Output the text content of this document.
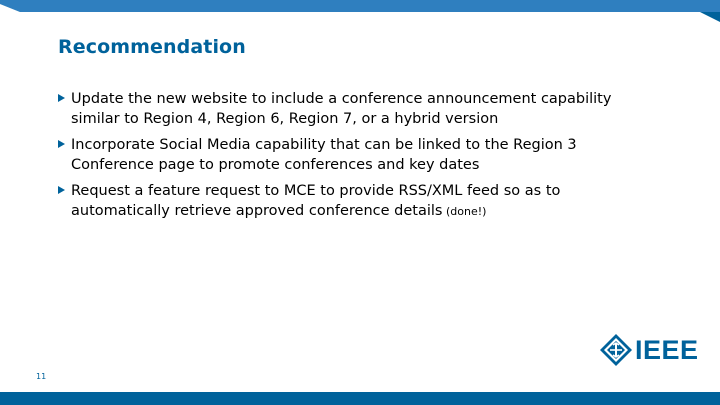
Recommendation
Update the new website to include a conference announcement capability similar to Region 4, Region 6, Region 7, or a hybrid version
Incorporate Social Media capability that can be linked to the Region 3 Conference page to promote conferences and key dates
Request a feature request to MCE to provide RSS/XML feed so as to automatically retrieve approved conference details (done!)
11
IEEE
